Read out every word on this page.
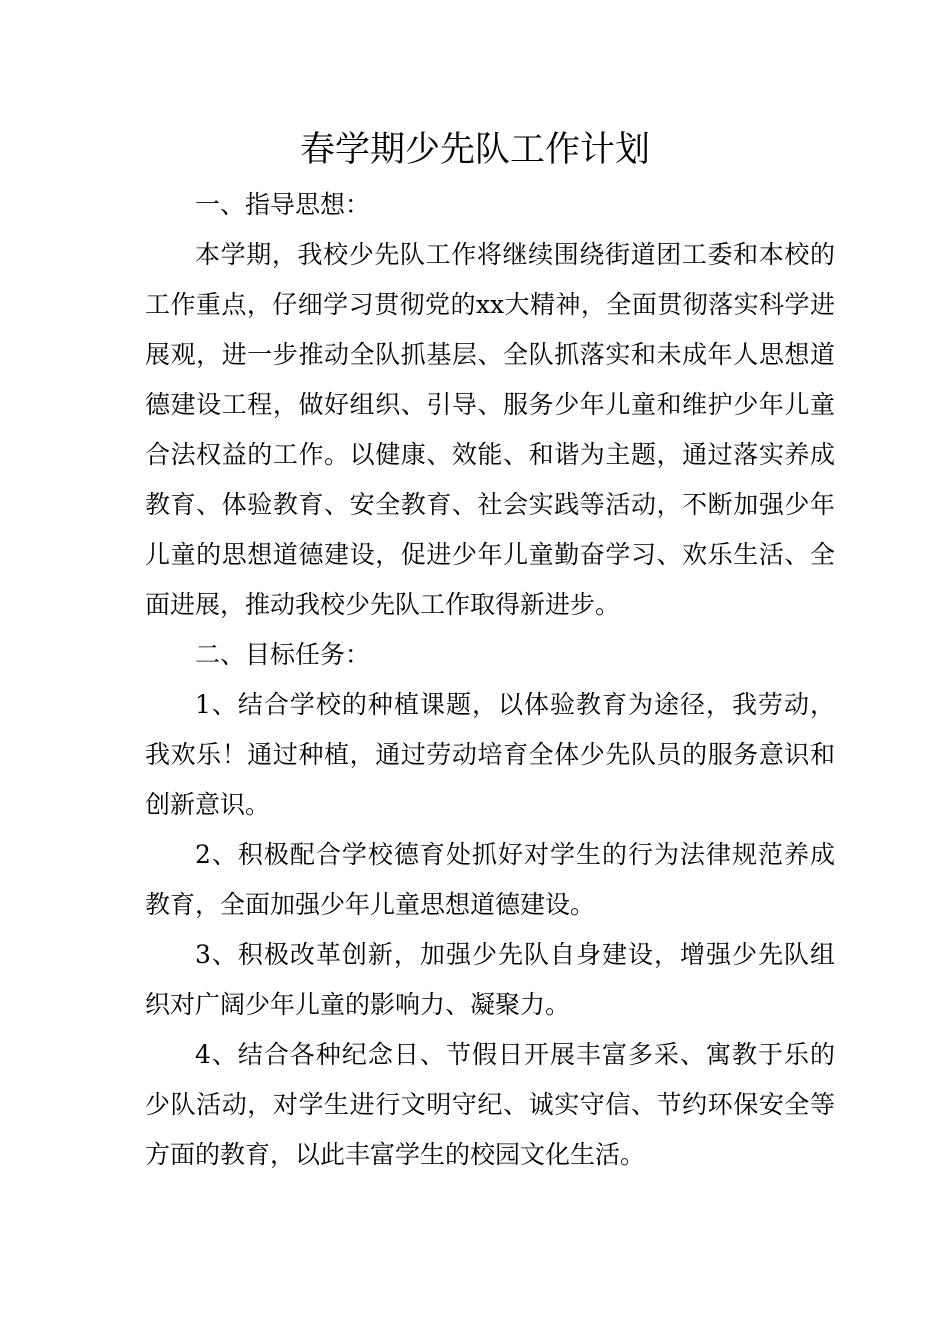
春学期少先队工作计划

一、指导思想：

本学期，我校少先队工作将继续围绕街道团工委和本校的工作重点，仔细学习贯彻党的xx大精神，全面贯彻落实科学进展观，进一步推动全队抓基层、全队抓落实和未成年人思想道德建设工程，做好组织、引导、服务少年儿童和维护少年儿童合法权益的工作。以健康、效能、和谐为主题，通过落实养成教育、体验教育、安全教育、社会实践等活动，不断加强少年儿童的思想道德建设，促进少年儿童勤奋学习、欢乐生活、全面进展，推动我校少先队工作取得新进步。

二、目标任务：

1、结合学校的种植课题，以体验教育为途径，我劳动，我欢乐！通过种植，通过劳动培育全体少先队员的服务意识和创新意识。

2、积极配合学校德育处抓好对学生的行为法律规范养成教育，全面加强少年儿童思想道德建设。

3、积极改革创新，加强少先队自身建设，增强少先队组织对广阔少年儿童的影响力、凝聚力。

4、结合各种纪念日、节假日开展丰富多采、寓教于乐的少队活动，对学生进行文明守纪、诚实守信、节约环保安全等方面的教育，以此丰富学生的校园文化生活。
